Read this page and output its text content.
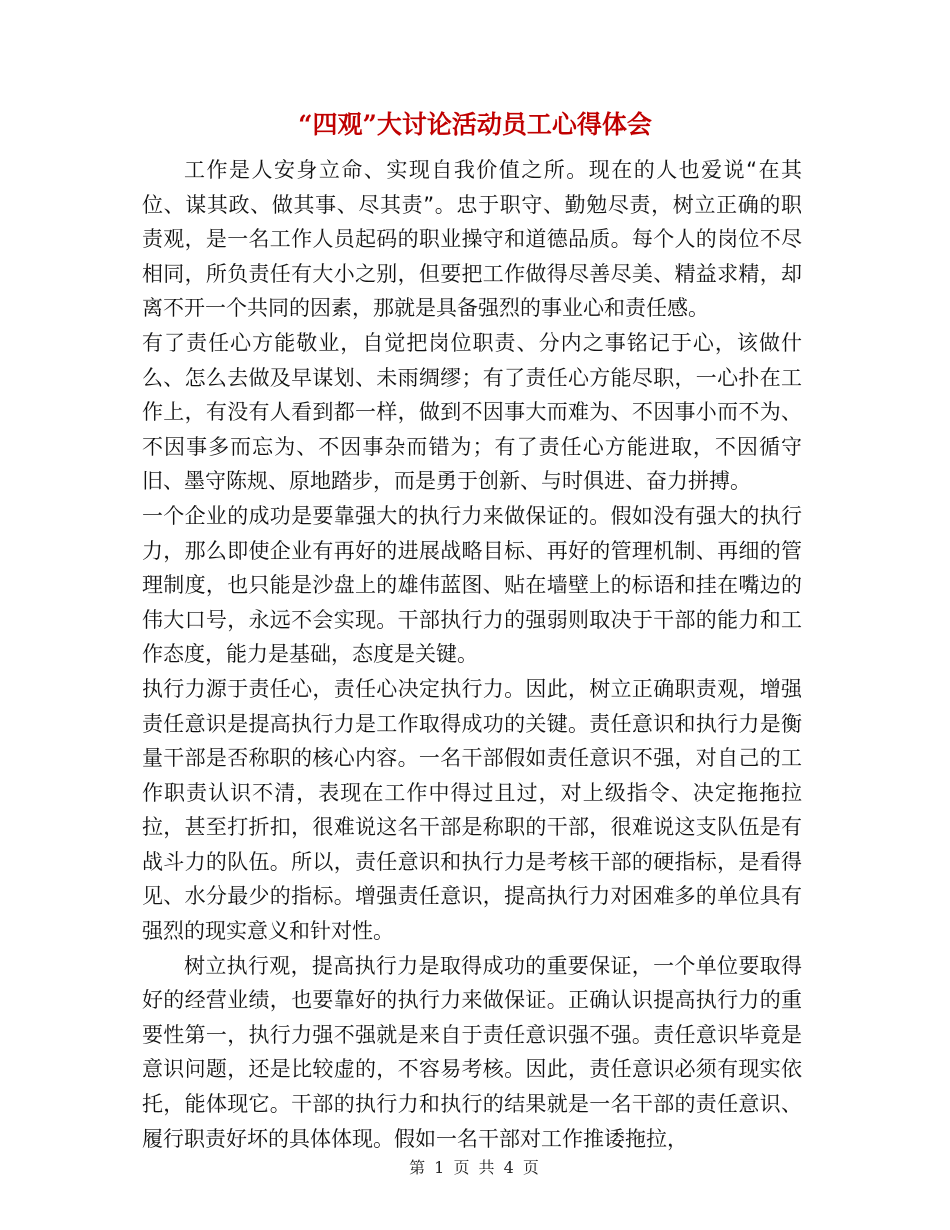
“四观”大讨论活动员工心得体会

工作是人安身立命、实现自我价值之所。现在的人也爱说“在其位、谋其政、做其事、尽其责”。忠于职守、勤勉尽责，树立正确的职责观，是一名工作人员起码的职业操守和道德品质。每个人的岗位不尽相同，所负责任有大小之别，但要把工作做得尽善尽美、精益求精，却离不开一个共同的因素，那就是具备强烈的事业心和责任感。

有了责任心方能敬业，自觉把岗位职责、分内之事铭记于心，该做什么、怎么去做及早谋划、未雨绸缪；有了责任心方能尽职，一心扑在工作上，有没有人看到都一样，做到不因事大而难为、不因事小而不为、不因事多而忘为、不因事杂而错为；有了责任心方能进取，不因循守旧、墨守陈规、原地踏步，而是勇于创新、与时俱进、奋力拼搏。

一个企业的成功是要靠强大的执行力来做保证的。假如没有强大的执行力，那么即使企业有再好的进展战略目标、再好的管理机制、再细的管理制度，也只能是沙盘上的雄伟蓝图、贴在墙壁上的标语和挂在嘴边的伟大口号，永远不会实现。干部执行力的强弱则取决于干部的能力和工作态度，能力是基础，态度是关键。

执行力源于责任心，责任心决定执行力。因此，树立正确职责观，增强责任意识是提高执行力是工作取得成功的关键。责任意识和执行力是衡量干部是否称职的核心内容。一名干部假如责任意识不强，对自己的工作职责认识不清，表现在工作中得过且过，对上级指令、决定拖拖拉拉，甚至打折扣，很难说这名干部是称职的干部，很难说这支队伍是有战斗力的队伍。所以，责任意识和执行力是考核干部的硬指标，是看得见、水分最少的指标。增强责任意识，提高执行力对困难多的单位具有强烈的现实意义和针对性。

树立执行观，提高执行力是取得成功的重要保证，一个单位要取得好的经营业绩，也要靠好的执行力来做保证。正确认识提高执行力的重要性第一，执行力强不强就是来自于责任意识强不强。责任意识毕竟是意识问题，还是比较虚的，不容易考核。因此，责任意识必须有现实依托，能体现它。干部的执行力和执行的结果就是一名干部的责任意识、履行职责好坏的具体体现。假如一名干部对工作推诿拖拉，

第 1 页 共 4 页
